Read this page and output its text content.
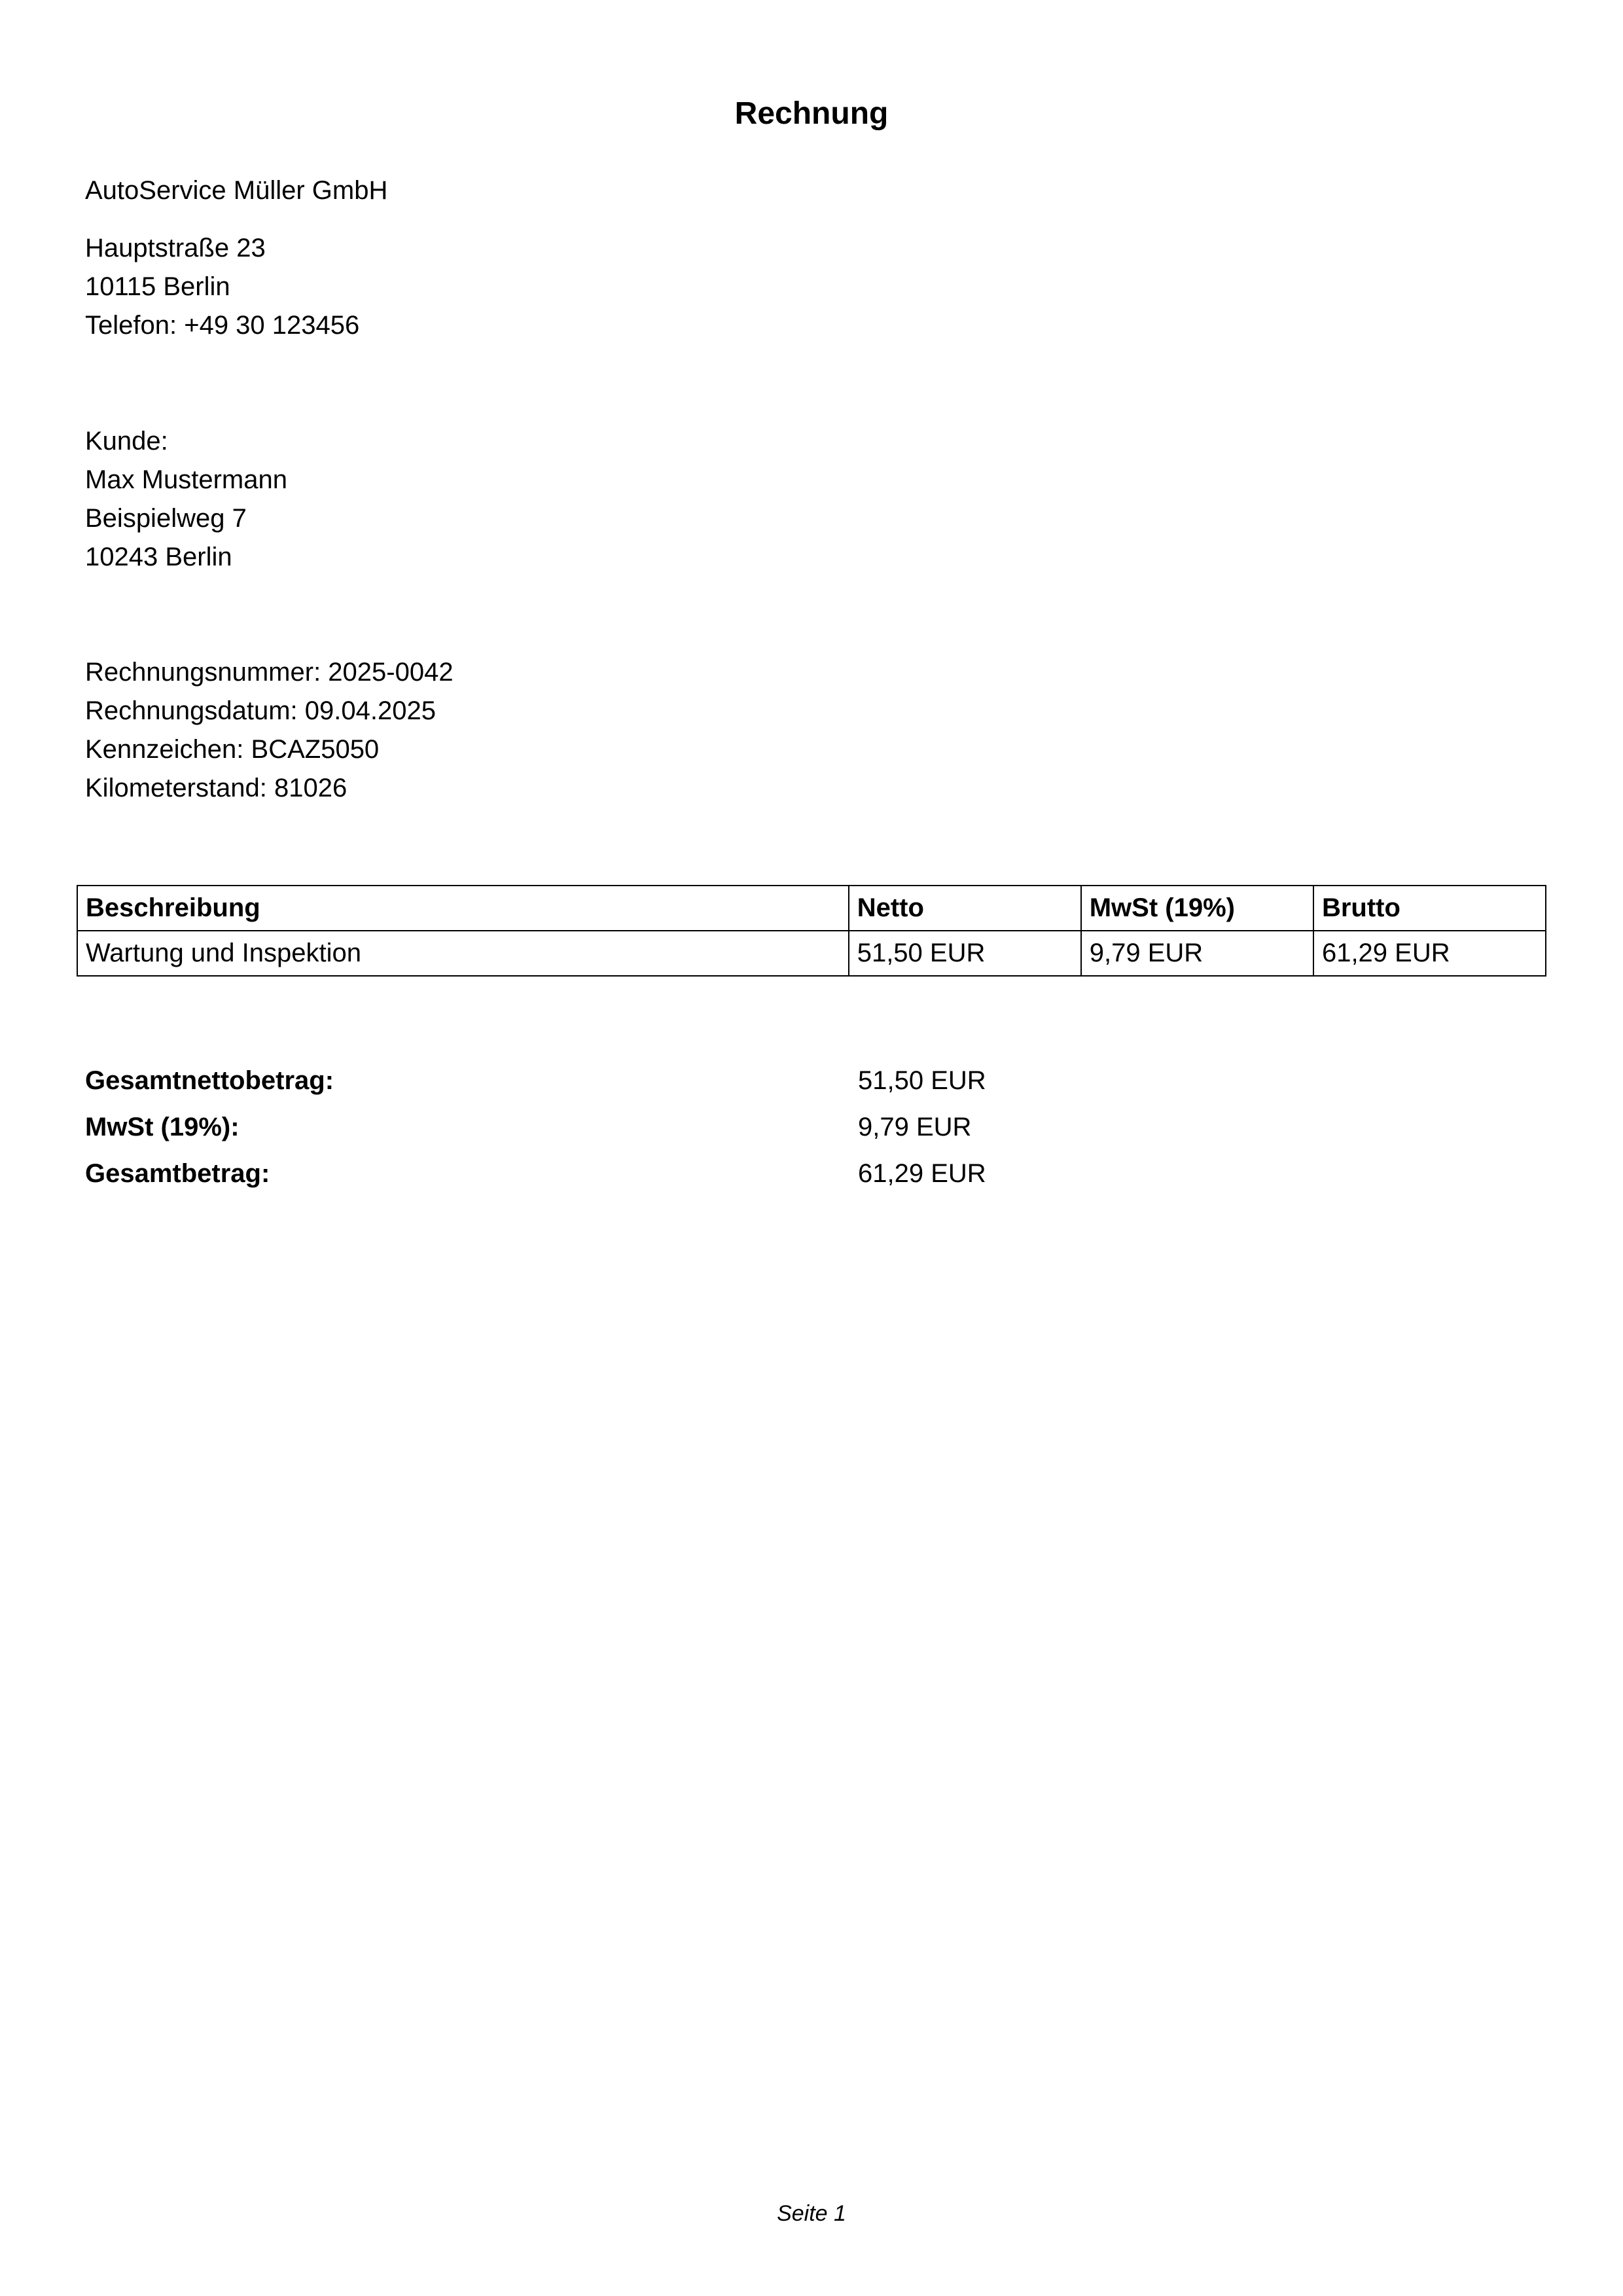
Rechnung
AutoService Müller GmbH
Hauptstraße 23
10115 Berlin
Telefon: +49 30 123456
Kunde:
Max Mustermann
Beispielweg 7
10243 Berlin
Rechnungsnummer: 2025-0042
Rechnungsdatum: 09.04.2025
Kennzeichen: BCAZ5050
Kilometerstand: 81026
Beschreibung	Netto	MwSt (19%)	Brutto
Wartung und Inspektion	51,50 EUR	9,79 EUR	61,29 EUR
Gesamtnettobetrag:	51,50 EUR
MwSt (19%):	9,79 EUR
Gesamtbetrag:	61,29 EUR
Seite 1
